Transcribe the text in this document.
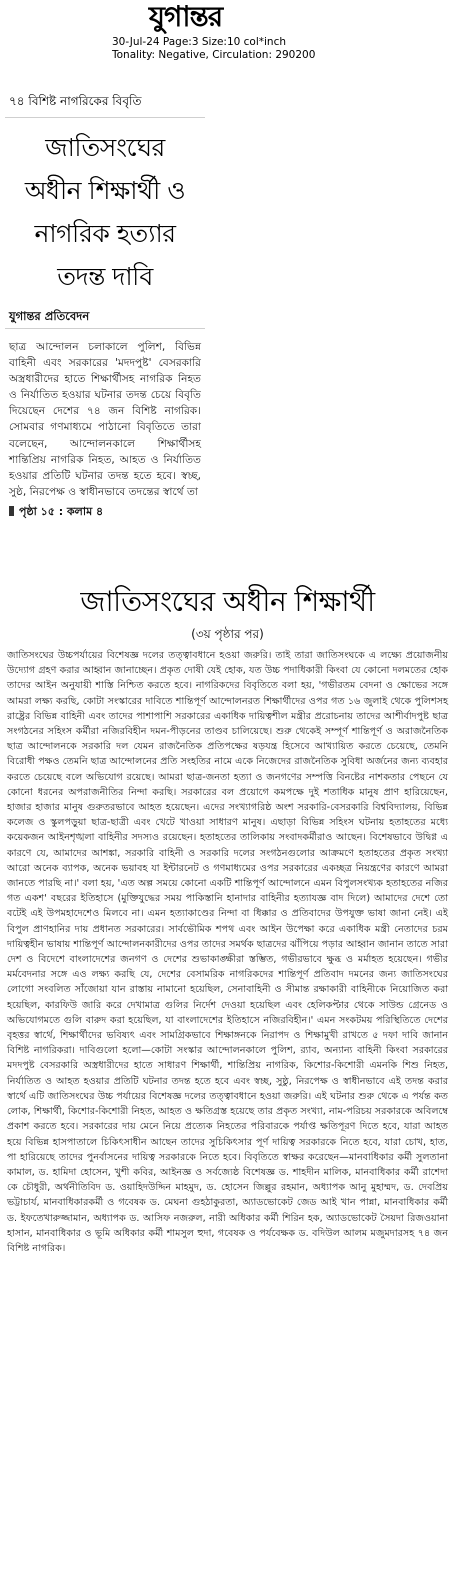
যুগান্তর
30-Jul-24 Page:3 Size:10 col*inch
Tonality: Negative, Circulation: 290200
৭৪ বিশিষ্ট নাগরিকের বিবৃতি
জাতিসংঘের
অধীন শিক্ষার্থী ও
নাগরিক হত্যার
তদন্ত দাবি
যুগান্তর প্রতিবেদন
ছাত্র আন্দোলন চলাকালে পুলিশ, বিভিন্ন বাহিনী এবং সরকারের 'মদদপুষ্ট' বেসরকারি অস্ত্রধারীদের হাতে শিক্ষার্থীসহ নাগরিক নিহত ও নির্যাতিত হওয়ার ঘটনার তদন্ত চেয়ে বিবৃতি দিয়েছেন দেশের ৭৪ জন বিশিষ্ট নাগরিক। সোমবার গণমাধ্যমে পাঠানো বিবৃতিতে তারা বলেছেন, আন্দোলনকালে শিক্ষার্থীসহ শান্তিপ্রিয় নাগরিক নিহত, আহত ও নির্যাতিত হওয়ার প্রতিটি ঘটনার তদন্ত হতে হবে। স্বচ্ছ, সুষ্ঠ, নিরপেক্ষ ও স্বাধীনভাবে তদন্তের স্বার্থে তা
পৃষ্ঠা ১৫ : কলাম ৪
জাতিসংঘের অধীন শিক্ষার্থী
(৩য় পৃষ্ঠার পর)
জাতিসংঘের উচ্চপর্যায়ের বিশেষজ্ঞ দলের তত্ত্বাবধানে হওয়া জরুরি। তাই তারা জাতিসংঘকে এ লক্ষ্যে প্রয়োজনীয় উদ্যোগ গ্রহণ করার আহ্বান জানাচ্ছেন। প্রকৃত দোষী যেই হোক, যত উচ্চ পদাধিকারী কিংবা যে কোনো দলমতের হোক তাদের আইন অনুযায়ী শাস্তি নিশ্চিত করতে হবে। নাগরিকদের বিবৃতিতে বলা হয়, 'গভীরতম বেদনা ও ক্ষোভের সঙ্গে আমরা লক্ষ্য করছি, কোটা সংস্কারের দাবিতে শান্তিপূর্ণ আন্দোলনরত শিক্ষার্থীদের ওপর গত ১৬ জুলাই থেকে পুলিশসহ রাষ্ট্রের বিভিন্ন বাহিনী এবং তাদের পাশাপাশি সরকারের একাধিক দায়িত্বশীল মন্ত্রীর প্ররোচনায় তাদের আশীর্বাদপুষ্ট ছাত্র সংগঠনের সহিংস কর্মীরা নজিরবিহীন দমন-পীড়নের তাণ্ডব চালিয়েছে। শুরু থেকেই সম্পূর্ণ শান্তিপূর্ণ ও অরাজনৈতিক ছাত্র আন্দোলনকে সরকারি দল যেমন রাজনৈতিক প্রতিপক্ষের ষড়যন্ত্র হিসেবে আখ্যায়িত করতে চেয়েছে, তেমনি বিরোধী পক্ষও তেমনি ছাত্র আন্দোলনের প্রতি সংহতির নামে একে নিজেদের রাজনৈতিক সুবিধা অর্জনের জন্য ব্যবহার করতে চেয়েছে বলে অভিযোগ রয়েছে। আমরা ছাত্র-জনতা হত্যা ও জনগণের সম্পত্তি বিনষ্টের নাশকতার পেছনে যে কোনো ধরনের অপরাজনীতির নিন্দা করছি। সরকারের বল প্রয়োগে কমপক্ষে দুই শতাধিক মানুষ প্রাণ হারিয়েছেন, হাজার হাজার মানুষ গুরুতরভাবে আহত হয়েছেন। এদের সংখ্যাগরিষ্ঠ অংশ সরকারি-বেসরকারি বিশ্ববিদ্যালয়, বিভিন্ন কলেজ ও স্কুলপড়ুয়া ছাত্র-ছাত্রী এবং খেটে খাওয়া সাধারণ মানুষ। এছাড়া বিভিন্ন সহিংস ঘটনায় হতাহতের মধ্যে কয়েকজন আইনশৃঙ্খলা বাহিনীর সদস্যও রয়েছেন। হতাহতের তালিকায় সংবাদকর্মীরাও আছেন। বিশেষভাবে উদ্বিগ্ন এ কারণে যে, আমাদের আশঙ্কা, সরকারি বাহিনী ও সরকারি দলের সংগঠনগুলোর আক্রমণে হতাহতের প্রকৃত সংখ্যা আরো অনেক ব্যাপক, অনেক ভয়াবহ যা ইন্টারনেট ও গণমাধ্যমের ওপর সরকারের একচ্ছত্র নিয়ন্ত্রণের কারণে আমরা জানতে পারছি না।' বলা হয়, 'এত অল্প সময়ে কোনো একটি শান্তিপূর্ণ আন্দোলনে এমন বিপুলসংখ্যক হতাহতের নজির গত একশ' বছরের ইতিহাসে (মুক্তিযুদ্ধের সময় পাকিস্তানি হানাদার বাহিনীর হত্যাযজ্ঞ বাদ দিলে) আমাদের দেশে তো বটেই এই উপমহাদেশেও মিলবে না। এমন হত্যাকাণ্ডের নিন্দা বা ধিক্কার ও প্রতিবাদের উপযুক্ত ভাষা জানা নেই। এই বিপুল প্রাণহানির দায় প্রধানত সরকারের। সার্বভৌমিক শপথ এবং আইন উপেক্ষা করে একাধিক মন্ত্রী নেতাদের চরম দায়িত্বহীন ভাষায় শান্তিপূর্ণ আন্দোলনকারীদের ওপর তাদের সমর্থক ছাত্রদের ঝাঁপিয়ে পড়ার আহ্বান জানান তাতে সারা দেশ ও বিদেশে বাংলাদেশের জনগণ ও দেশের শুভাকাঙ্ক্ষীরা স্তম্ভিত, গভীরভাবে ক্ষুব্ধ ও মর্মাহত হয়েছেন। গভীর মর্মবেদনার সঙ্গে এও লক্ষ্য করছি যে, দেশের বেসামরিক নাগরিকদের শান্তিপূর্ণ প্রতিবাদ দমনের জন্য জাতিসংঘের লোগো সংবলিত সাঁজোয়া যান রাস্তায় নামানো হয়েছিল, সেনাবাহিনী ও সীমান্ত রক্ষাকারী বাহিনীকে নিয়োজিত করা হয়েছিল, কারফিউ জারি করে দেখামাত্র গুলির নির্দেশ দেওয়া হয়েছিল এবং হেলিকপ্টার থেকে সাউন্ড গ্রেনেড ও অভিযোগমতে গুলি বারুদ করা হয়েছিল, যা বাংলাদেশের ইতিহাসে নজিরবিহীন।' এমন সংকটময় পরিস্থিতিতে দেশের বৃহত্তর স্বার্থে, শিক্ষার্থীদের ভবিষ্যৎ এবং সামগ্রিকভাবে শিক্ষাঙ্গনকে নিরাপদ ও শিক্ষামুখী রাখতে ৫ দফা দাবি জানান বিশিষ্ট নাগরিকরা। দাবিগুলো হলো—কোটা সংস্কার আন্দোলনকালে পুলিশ, র‍্যাব, অন্যান্য বাহিনী কিংবা সরকারের মদদপুষ্ট বেসরকারি অস্ত্রধারীদের হাতে সাধারণ শিক্ষার্থী, শান্তিপ্রিয় নাগরিক, কিশোর-কিশোরী এমনকি শিশু নিহত, নির্যাতিত ও আহত হওয়ার প্রতিটি ঘটনার তদন্ত হতে হবে এবং স্বচ্ছ, সুষ্ঠু, নিরপেক্ষ ও স্বাধীনভাবে এই তদন্ত করার স্বার্থে এটি জাতিসংঘের উচ্চ পর্যায়ের বিশেষজ্ঞ দলের তত্ত্বাবধানে হওয়া জরুরি। এই ঘটনার শুরু থেকে এ পর্যন্ত কত লোক, শিক্ষার্থী, কিশোর-কিশোরী নিহত, আহত ও ক্ষতিগ্রস্ত হয়েছে তার প্রকৃত সংখ্যা, নাম-পরিচয় সরকারকে অবিলম্বে প্রকাশ করতে হবে। সরকারের দায় মেনে নিয়ে প্রত্যেক নিহতের পরিবারকে পর্যাপ্ত ক্ষতিপূরণ দিতে হবে, যারা আহত হয়ে বিভিন্ন হাসপাতালে চিকিৎসাধীন আছেন তাদের সুচিকিৎসার পূর্ণ দায়িত্ব সরকারকে নিতে হবে, যারা চোখ, হাত, পা হারিয়েছে তাদের পুনর্বাসনের দায়িত্ব সরকারকে নিতে হবে। বিবৃতিতে স্বাক্ষর করেছেন—মানবাধিকার কর্মী সুলতানা কামাল, ড. হামিদা হোসেন, খুশী কবির, আইনজ্ঞ ও সর্বজ্যেষ্ঠ বিশেষজ্ঞ ড. শাহদীন মালিক, মানবাধিকার কর্মী রাশেদা কে চৌধুরী, অর্থনীতিবিদ ড. ওয়াহিদউদ্দিন মাহমুদ, ড. হোসেন জিল্লুর রহমান, অধ্যাপক আনু মুহাম্মদ, ড. দেবপ্রিয় ভট্টাচার্য, মানবাধিকারকর্মী ও গবেষক ড. মেঘনা গুহঠাকুরতা, অ্যাডভোকেট জেড আই খান পান্না, মানবাধিকার কর্মী ড. ইফতেখারুজ্জামান, অধ্যাপক ড. আসিফ নজরুল, নারী অধিকার কর্মী শিরিন হক, অ্যাডভোকেট সৈয়দা রিজওয়ানা হাসান, মানবাধিকার ও ভূমি অধিকার কর্মী শামসুল হুদা, গবেষক ও পর্যবেক্ষক ড. বদিউল আলম মজুমদারসহ ৭৪ জন বিশিষ্ট নাগরিক।
